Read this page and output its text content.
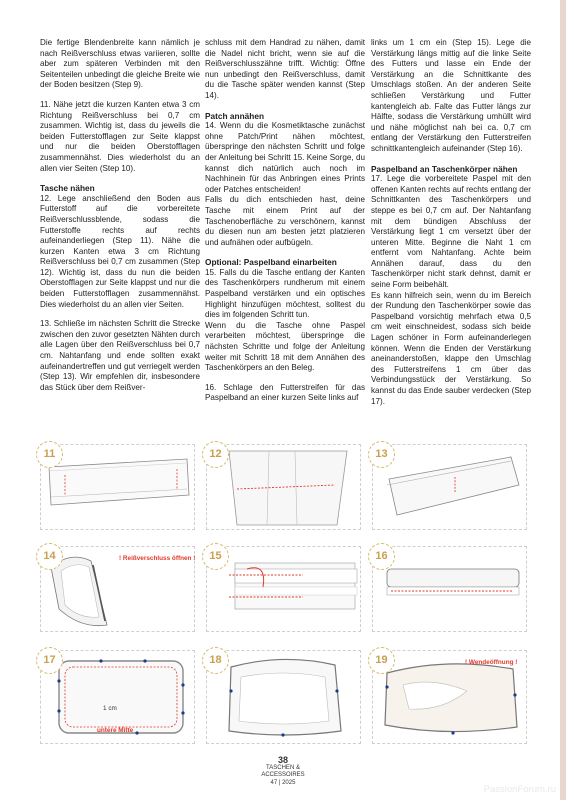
Die fertige Blendenbreite kann nämlich je nach Reißverschluss etwas variieren, sollte aber zum späteren Verbinden mit den Seitenteilen unbedingt die gleiche Breite wie der Boden besitzen (Step 9).

11. Nähe jetzt die kurzen Kanten etwa 3 cm Richtung Reißverschluss bei 0,7 cm zusammen. Wichtig ist, dass du jeweils die beiden Futterstofflagen zur Seite klappst und nur die beiden Oberstofflagen zusammennähst. Dies wiederholst du an allen vier Seiten (Step 10).

Tasche nähen

12. Lege anschließend den Boden aus Futterstoff auf die vorbereitete Reißverschlussblende, sodass die Futterstoffe rechts auf rechts aufeinanderliegen (Step 11). Nähe die kurzen Kanten etwa 3 cm Richtung Reißverschluss bei 0,7 cm zusammen (Step 12). Wichtig ist, dass du nun die beiden Oberstofflagen zur Seite klappst und nur die beiden Futterstofflagen zusammennähst. Dies wiederholst du an allen vier Seiten.

13. Schließe im nächsten Schritt die Strecke zwischen den zuvor gesetzten Nähten durch alle Lagen über den Reißverschluss bei 0,7 cm. Nahtanfang und ende sollten exakt aufeinandertreffen und gut verriegelt werden (Step 13). Wir empfehlen dir, insbesondere das Stück über dem Reißver-

schluss mit dem Handrad zu nähen, damit die Nadel nicht bricht, wenn sie auf die Reißverschlusszähne trifft. Wichtig: Öffne nun unbedingt den Reißverschluss, damit du die Tasche später wenden kannst (Step 14).

Patch annähen

14. Wenn du die Kosmetiktasche zunächst ohne Patch/Print nähen möchtest, überspringe den nächsten Schritt und folge der Anleitung bei Schritt 15. Keine Sorge, du kannst dich natürlich auch noch im Nachhinein für das Anbringen eines Prints oder Patches entscheiden!

Falls du dich entschieden hast, deine Tasche mit einem Print auf der Taschenoberfläche zu verschönern, kannst du diesen nun am besten jetzt platzieren und aufnähen oder aufbügeln.

Optional: Paspelband einarbeiten

15. Falls du die Tasche entlang der Kanten des Taschenkörpers rundherum mit einem Paspelband verstärken und ein optisches Highlight hinzufügen möchtest, solltest du dies im folgenden Schritt tun.

Wenn du die Tasche ohne Paspel verarbeiten möchtest, überspringe die nächsten Schritte und folge der Anleitung weiter mit Schritt 18 mit dem Annähen des Taschenkörpers an den Beleg.

16. Schlage den Futterstreifen für das Paspelband an einer kurzen Seite links auf

links um 1 cm ein (Step 15). Lege die Verstärkung längs mittig auf die linke Seite des Futters und lasse ein Ende der Verstärkung an die Schnittkante des Umschlags stoßen. An der anderen Seite schließen Verstärkung und Futter kantengleich ab. Falte das Futter längs zur Hälfte, sodass die Verstärkung umhüllt wird und nähe möglichst nah bei ca. 0,7 cm entlang der Verstärkung den Futterstreifen schnittkantengleich aufeinander (Step 16).

Paspelband an Taschenkörper nähen

17. Lege die vorbereitete Paspel mit den offenen Kanten rechts auf rechts entlang der Schnittkanten des Taschenkörpers und steppe es bei 0,7 cm auf. Der Nahtanfang mit dem bündigen Abschluss der Verstärkung liegt 1 cm versetzt über der unteren Mitte. Beginne die Naht 1 cm entfernt vom Nahtanfang. Achte beim Annähen darauf, dass du den Taschenkörper nicht stark dehnst, damit er seine Form beibehält.

Es kann hilfreich sein, wenn du im Bereich der Rundung den Taschenkörper sowie das Paspelband vorsichtig mehrfach etwa 0,5 cm weit einschneidest, sodass sich beide Lagen schöner in Form aufeinanderlegen können. Wenn die Enden der Verstärkung aneinanderstoßen, klappe den Umschlag des Futterstreifens 1 cm über das Verbindungsstück der Verstärkung. So kannst du das Ende sauber verdecken (Step 17).

11	12	13
! Reißverschluss öffnen !
14	15	16
1 cm
untere Mitte
17	18	! Wendeöffnung !
19
38
TASCHEN &
ACCESSOIRES
47 | 2025
PassionForum.ru
